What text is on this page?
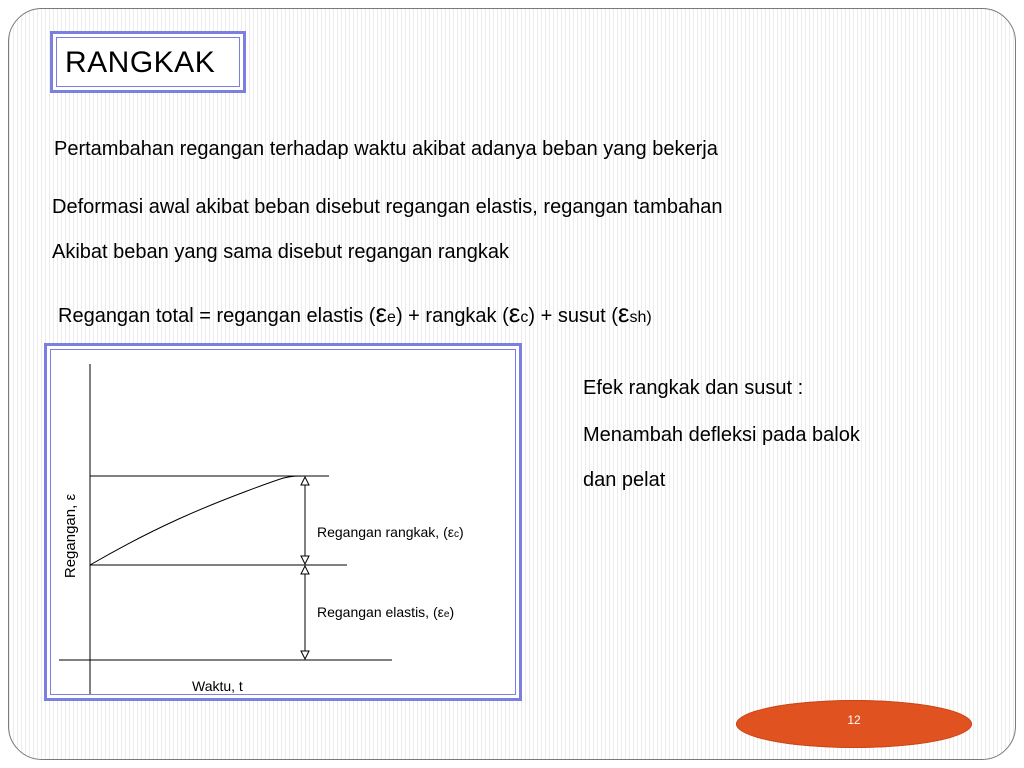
RANGKAK
Pertambahan regangan terhadap waktu akibat adanya beban yang bekerja
Deformasi awal akibat beban disebut regangan elastis, regangan tambahan
Akibat beban yang sama disebut regangan rangkak
Regangan total = regangan elastis (εe) + rangkak (εc) + susut (εsh)
Regangan, ε
Waktu, t
Regangan rangkak, (εc)
Regangan elastis, (εe)
Efek rangkak dan susut :
Menambah defleksi pada balok
dan pelat
12
